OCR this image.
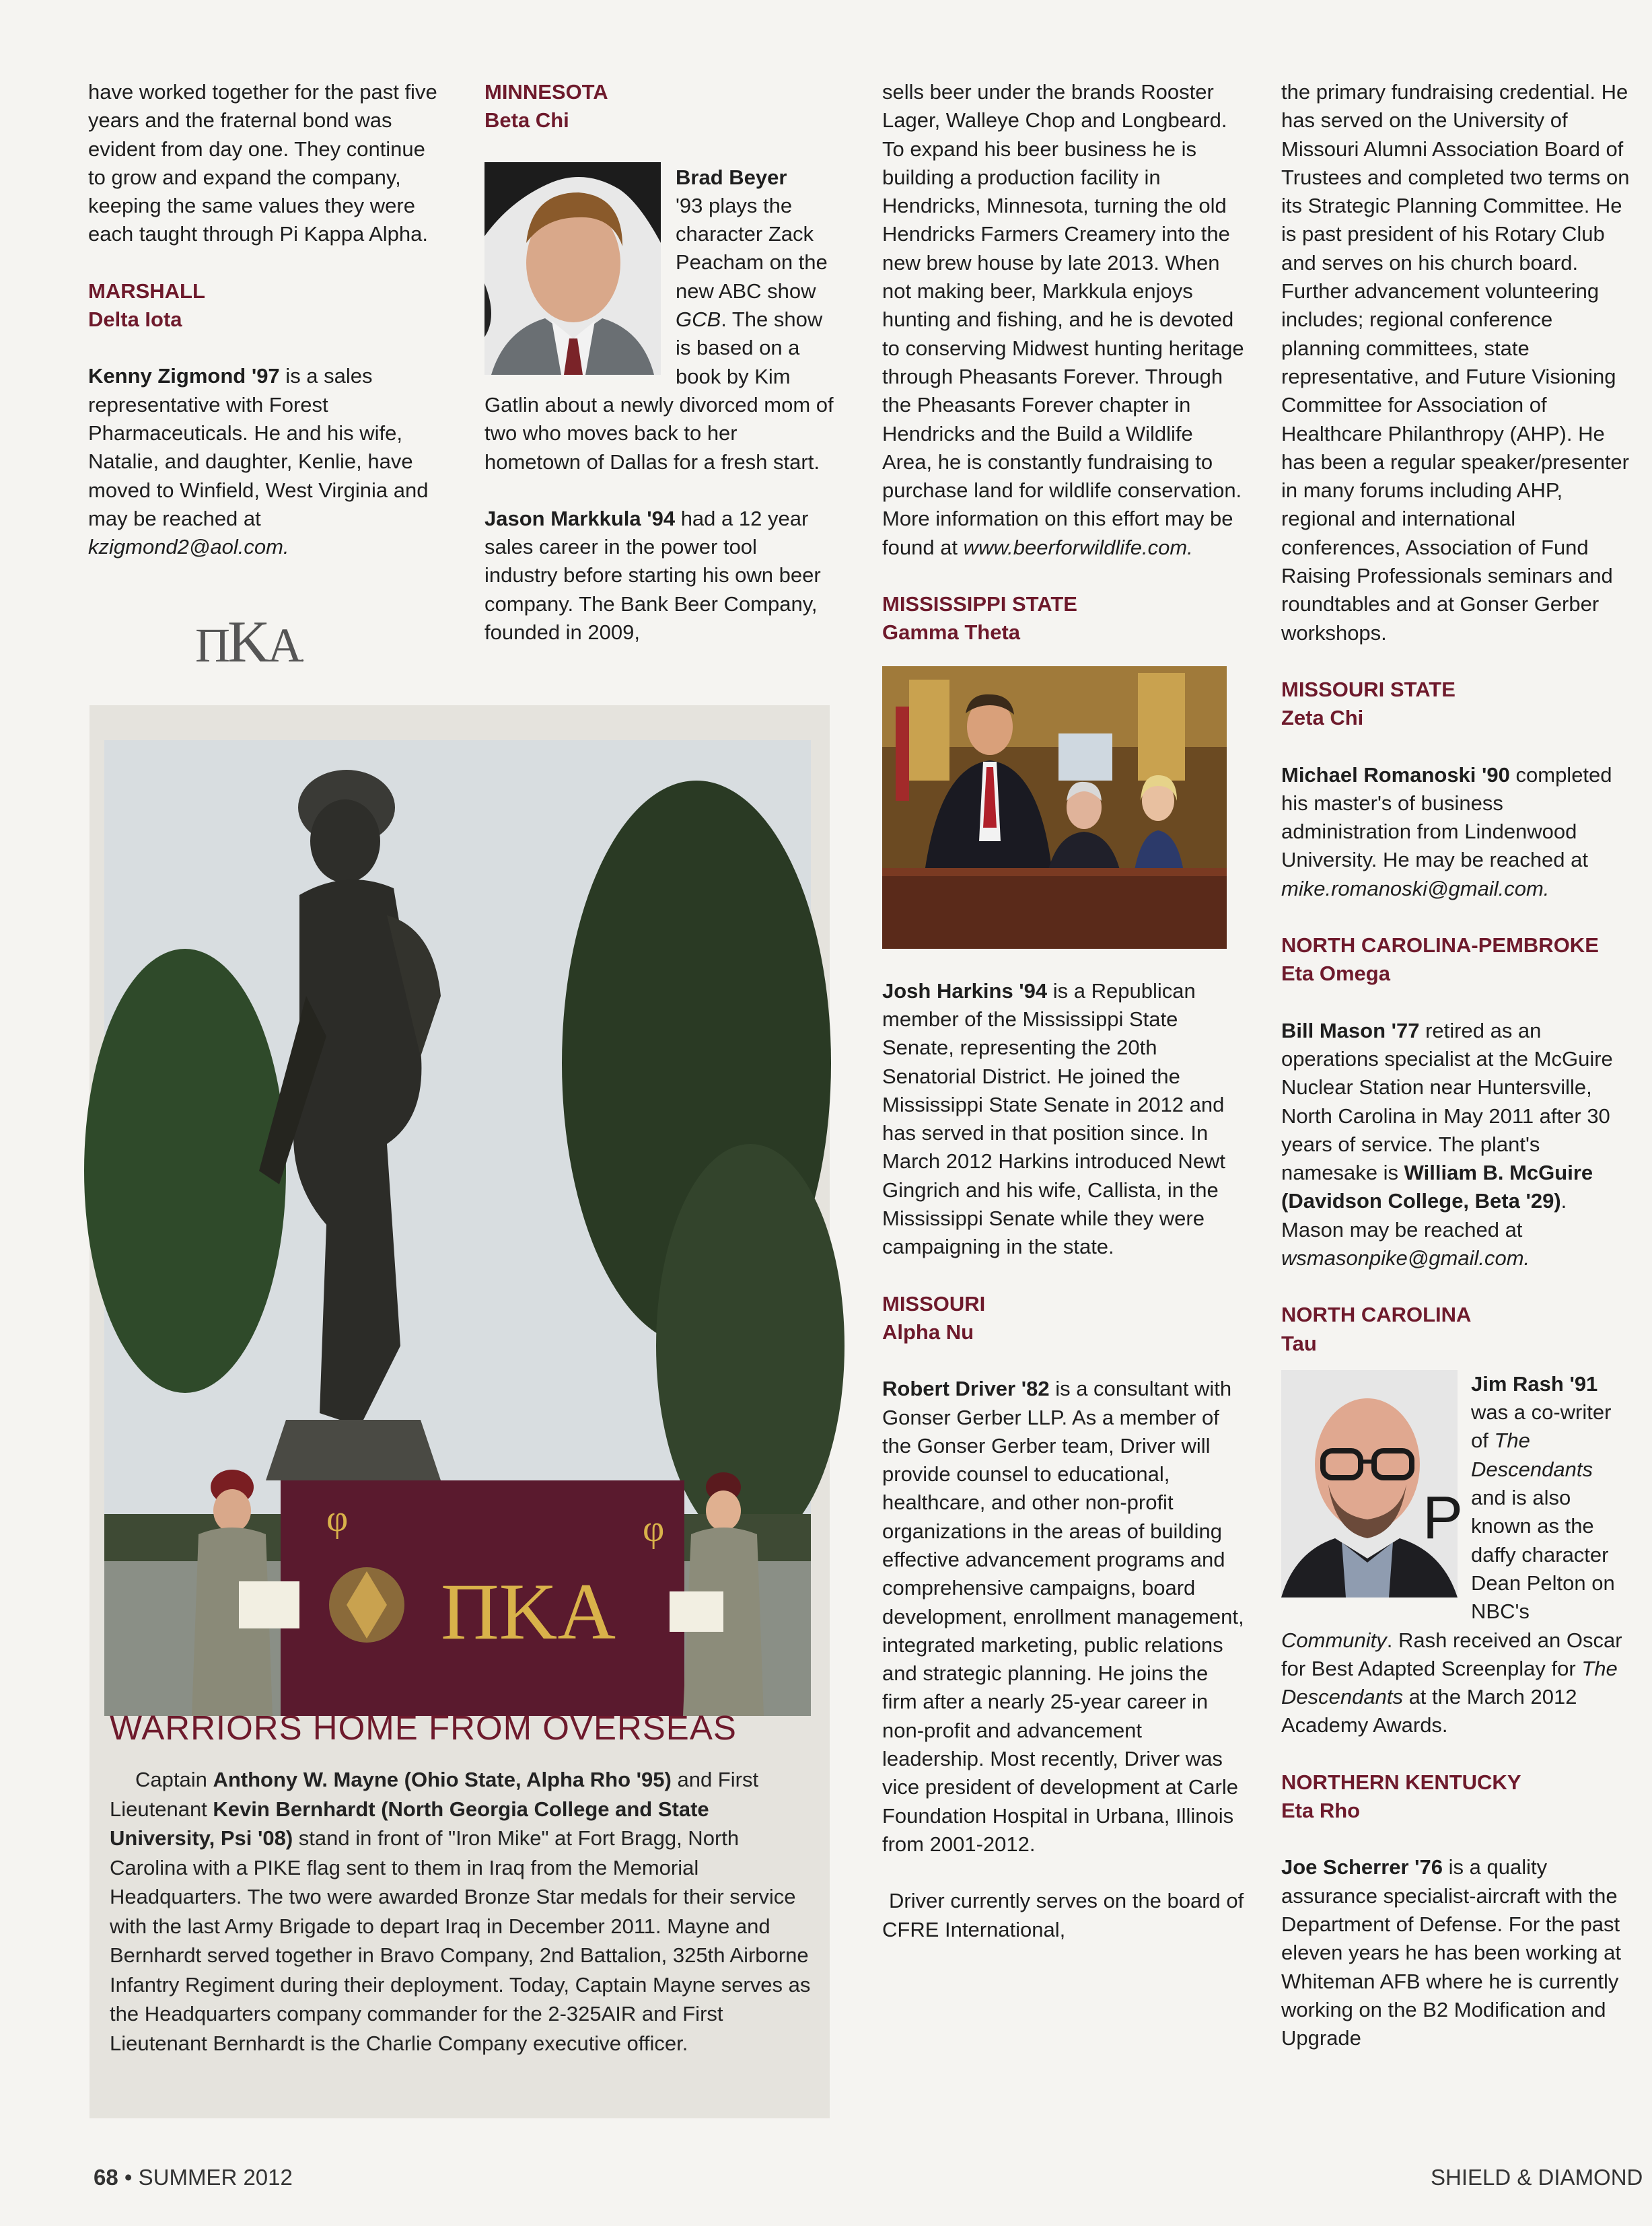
have worked together for the past five years and the fraternal bond was evident from day one. They continue to grow and expand the company, keeping the same values they were each taught through Pi Kappa Alpha.

MARSHALL
Delta Iota

Kenny Zigmond '97 is a sales representative with Forest Pharmaceuticals. He and his wife, Natalie, and daughter, Kenlie, have moved to Winfield, West Virginia and may be reached at kzigmond2@aol.com.

ΠKA.
MINNESOTA
Beta Chi

Brad Beyer
'93 plays the character Zack Peacham on the new ABC show GCB. The show is based on a book by Kim Gatlin about a newly divorced mom of two who moves back to her hometown of Dallas for a fresh start.

Jason Markkula '94 had a 12 year sales career in the power tool industry before starting his own beer company. The Bank Beer Company, founded in 2009,

sells beer under the brands Rooster Lager, Walleye Chop and Longbeard. To expand his beer business he is building a production facility in Hendricks, Minnesota, turning the old Hendricks Farmers Creamery into the new brew house by late 2013. When not making beer, Markkula enjoys hunting and fishing, and he is devoted to conserving Midwest hunting heritage through Pheasants Forever. Through the Pheasants Forever chapter in Hendricks and the Build a Wildlife Area, he is constantly fundraising to purchase land for wildlife conservation. More information on this effort may be found at www.beerforwildlife.com.

MISSISSIPPI STATE
Gamma Theta

Josh Harkins '94 is a Republican member of the Mississippi State Senate, representing the 20th Senatorial District. He joined the Mississippi State Senate in 2012 and has served in that position since. In March 2012 Harkins introduced Newt Gingrich and his wife, Callista, in the Mississippi Senate while they were campaigning in the state.

MISSOURI
Alpha Nu

Robert Driver '82 is a consultant with Gonser Gerber LLP. As a member of the Gonser Gerber team, Driver will provide counsel to educational, healthcare, and other non-profit organizations in the areas of building effective advancement programs and comprehensive campaigns, board development, enrollment management, integrated marketing, public relations and strategic planning. He joins the firm after a nearly 25-year career in non-profit and advancement leadership. Most recently, Driver was vice president of development at Carle Foundation Hospital in Urbana, Illinois from 2001-2012.

Driver currently serves on the board of CFRE International,

the primary fundraising credential. He has served on the University of Missouri Alumni Association Board of Trustees and completed two terms on its Strategic Planning Committee. He is past president of his Rotary Club and serves on his church board. Further advancement volunteering includes; regional conference planning committees, state representative, and Future Visioning Committee for Association of Healthcare Philanthropy (AHP). He has been a regular speaker/presenter in many forums including AHP, regional and international conferences, Association of Fund Raising Professionals seminars and roundtables and at Gonser Gerber workshops.

MISSOURI STATE
Zeta Chi

Michael Romanoski '90 completed his master's of business administration from Lindenwood University. He may be reached at mike.romanoski@gmail.com.

NORTH CAROLINA-PEMBROKE
Eta Omega

Bill Mason '77 retired as an operations specialist at the McGuire Nuclear Station near Huntersville, North Carolina in May 2011 after 30 years of service. The plant's namesake is William B. McGuire (Davidson College, Beta '29). Mason may be reached at wsmasonpike@gmail.com.

NORTH CAROLINA
Tau
P

Jim Rash '91 was a co-writer of The Descendants and is also known as the daffy character Dean Pelton on NBC's Community. Rash received an Oscar for Best Adapted Screenplay for The Descendants at the March 2012 Academy Awards.

NORTHERN KENTUCKY
Eta Rho

Joe Scherrer '76 is a quality assurance specialist-aircraft with the Department of Defense. For the past eleven years he has been working at Whiteman AFB where he is currently working on the B2 Modification and Upgrade

φ	φ
ΠΚΑ
WARRIORS HOME FROM OVERSEAS

Captain Anthony W. Mayne (Ohio State, Alpha Rho '95) and First Lieutenant Kevin Bernhardt (North Georgia College and State University, Psi '08) stand in front of "Iron Mike" at Fort Bragg, North Carolina with a PIKE flag sent to them in Iraq from the Memorial Headquarters. The two were awarded Bronze Star medals for their service with the last Army Brigade to depart Iraq in December 2011. Mayne and Bernhardt served together in Bravo Company, 2nd Battalion, 325th Airborne Infantry Regiment during their deployment. Today, Captain Mayne serves as the Headquarters company commander for the 2-325AIR and First Lieutenant Bernhardt is the Charlie Company executive officer.

68 • SUMMER 2012	SHIELD & DIAMOND
